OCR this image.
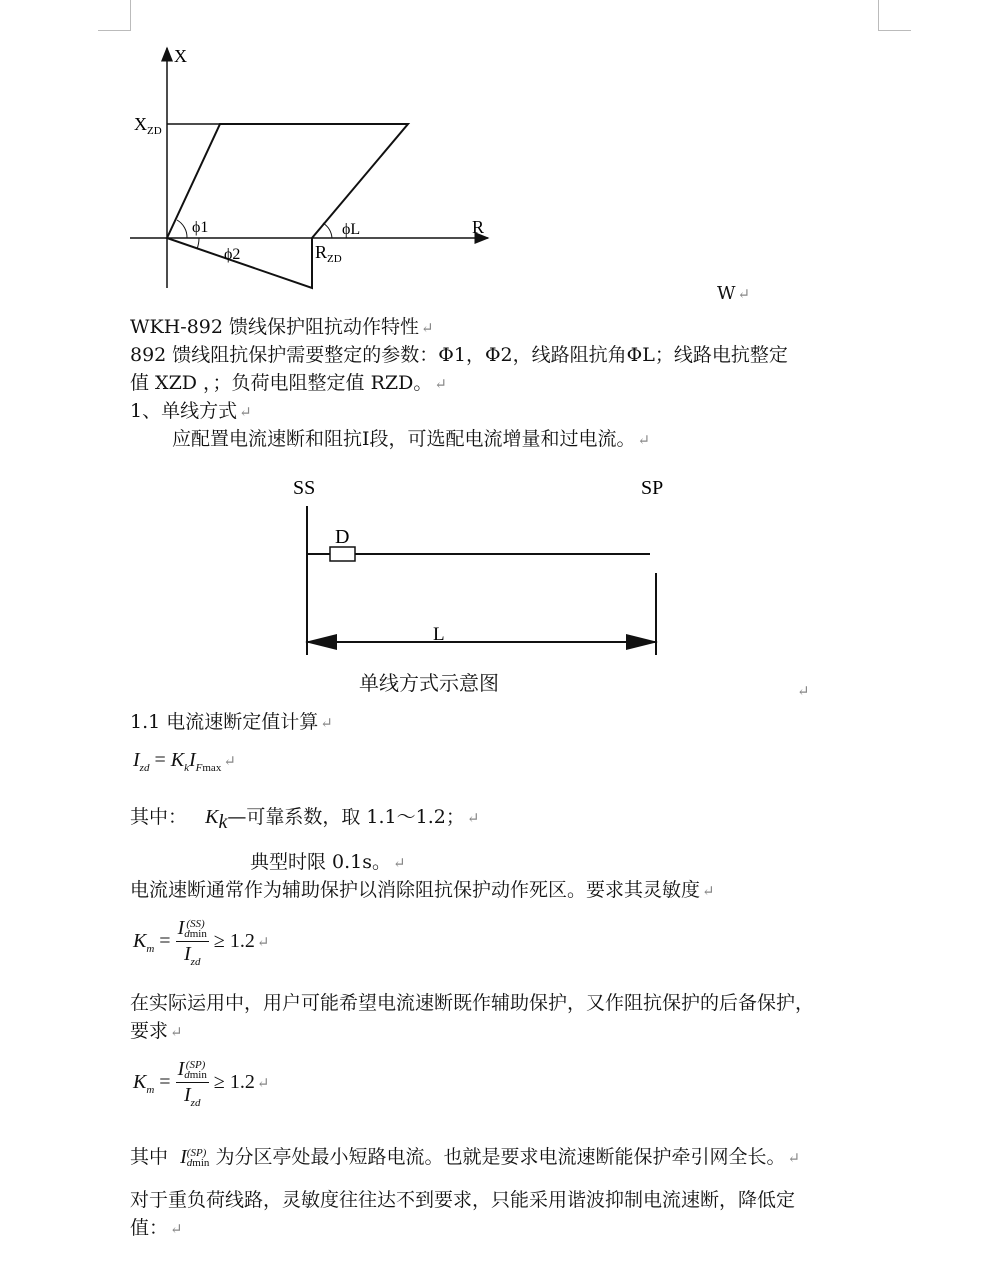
X
R
$X_{ZD}$
$R_{ZD}$
ϕ1
ϕ2
ϕL
W ↵
WKH-892 馈线保护阻抗动作特性 ↵
892 馈线阻抗保护需要整定的参数：Φ1，Φ2，线路阻抗角ΦL；线路电抗整定
值 XZD ，；负荷电阻整定值 RZD。 ↵
1、单线方式 ↵
应配置电流速断和阻抗Ⅰ段，可选配电流增量和过电流。 ↵
SS	SP
D
L
单线方式示意图	↵
1.1 电流速断定值计算 ↵
$I_{zd} = K_kI_{Fmax}$ ↵
其中： $K_k—$可靠系数，取 1.1～1.2； ↵
典型时限 0.1s。 ↵
电流速断通常作为辅助保护以消除阻抗保护动作死区。要求其灵敏度 ↵
$K_m$ =
I (SS)
dmin
$I_{zd}$
≥ 1.2 ↵
在实际运用中，用户可能希望电流速断既作辅助保护，又作阻抗保护的后备保护，
要求 ↵
$K_m$ =
I (SP)
dmin
$I_{zd}$
≥ 1.2 ↵
其中 I(SP)
dmin 为分区亭处最小短路电流。也就是要求电流速断能保护牵引网全长。 ↵
对于重负荷线路，灵敏度往往达不到要求，只能采用谐波抑制电流速断，降低定
值： ↵
